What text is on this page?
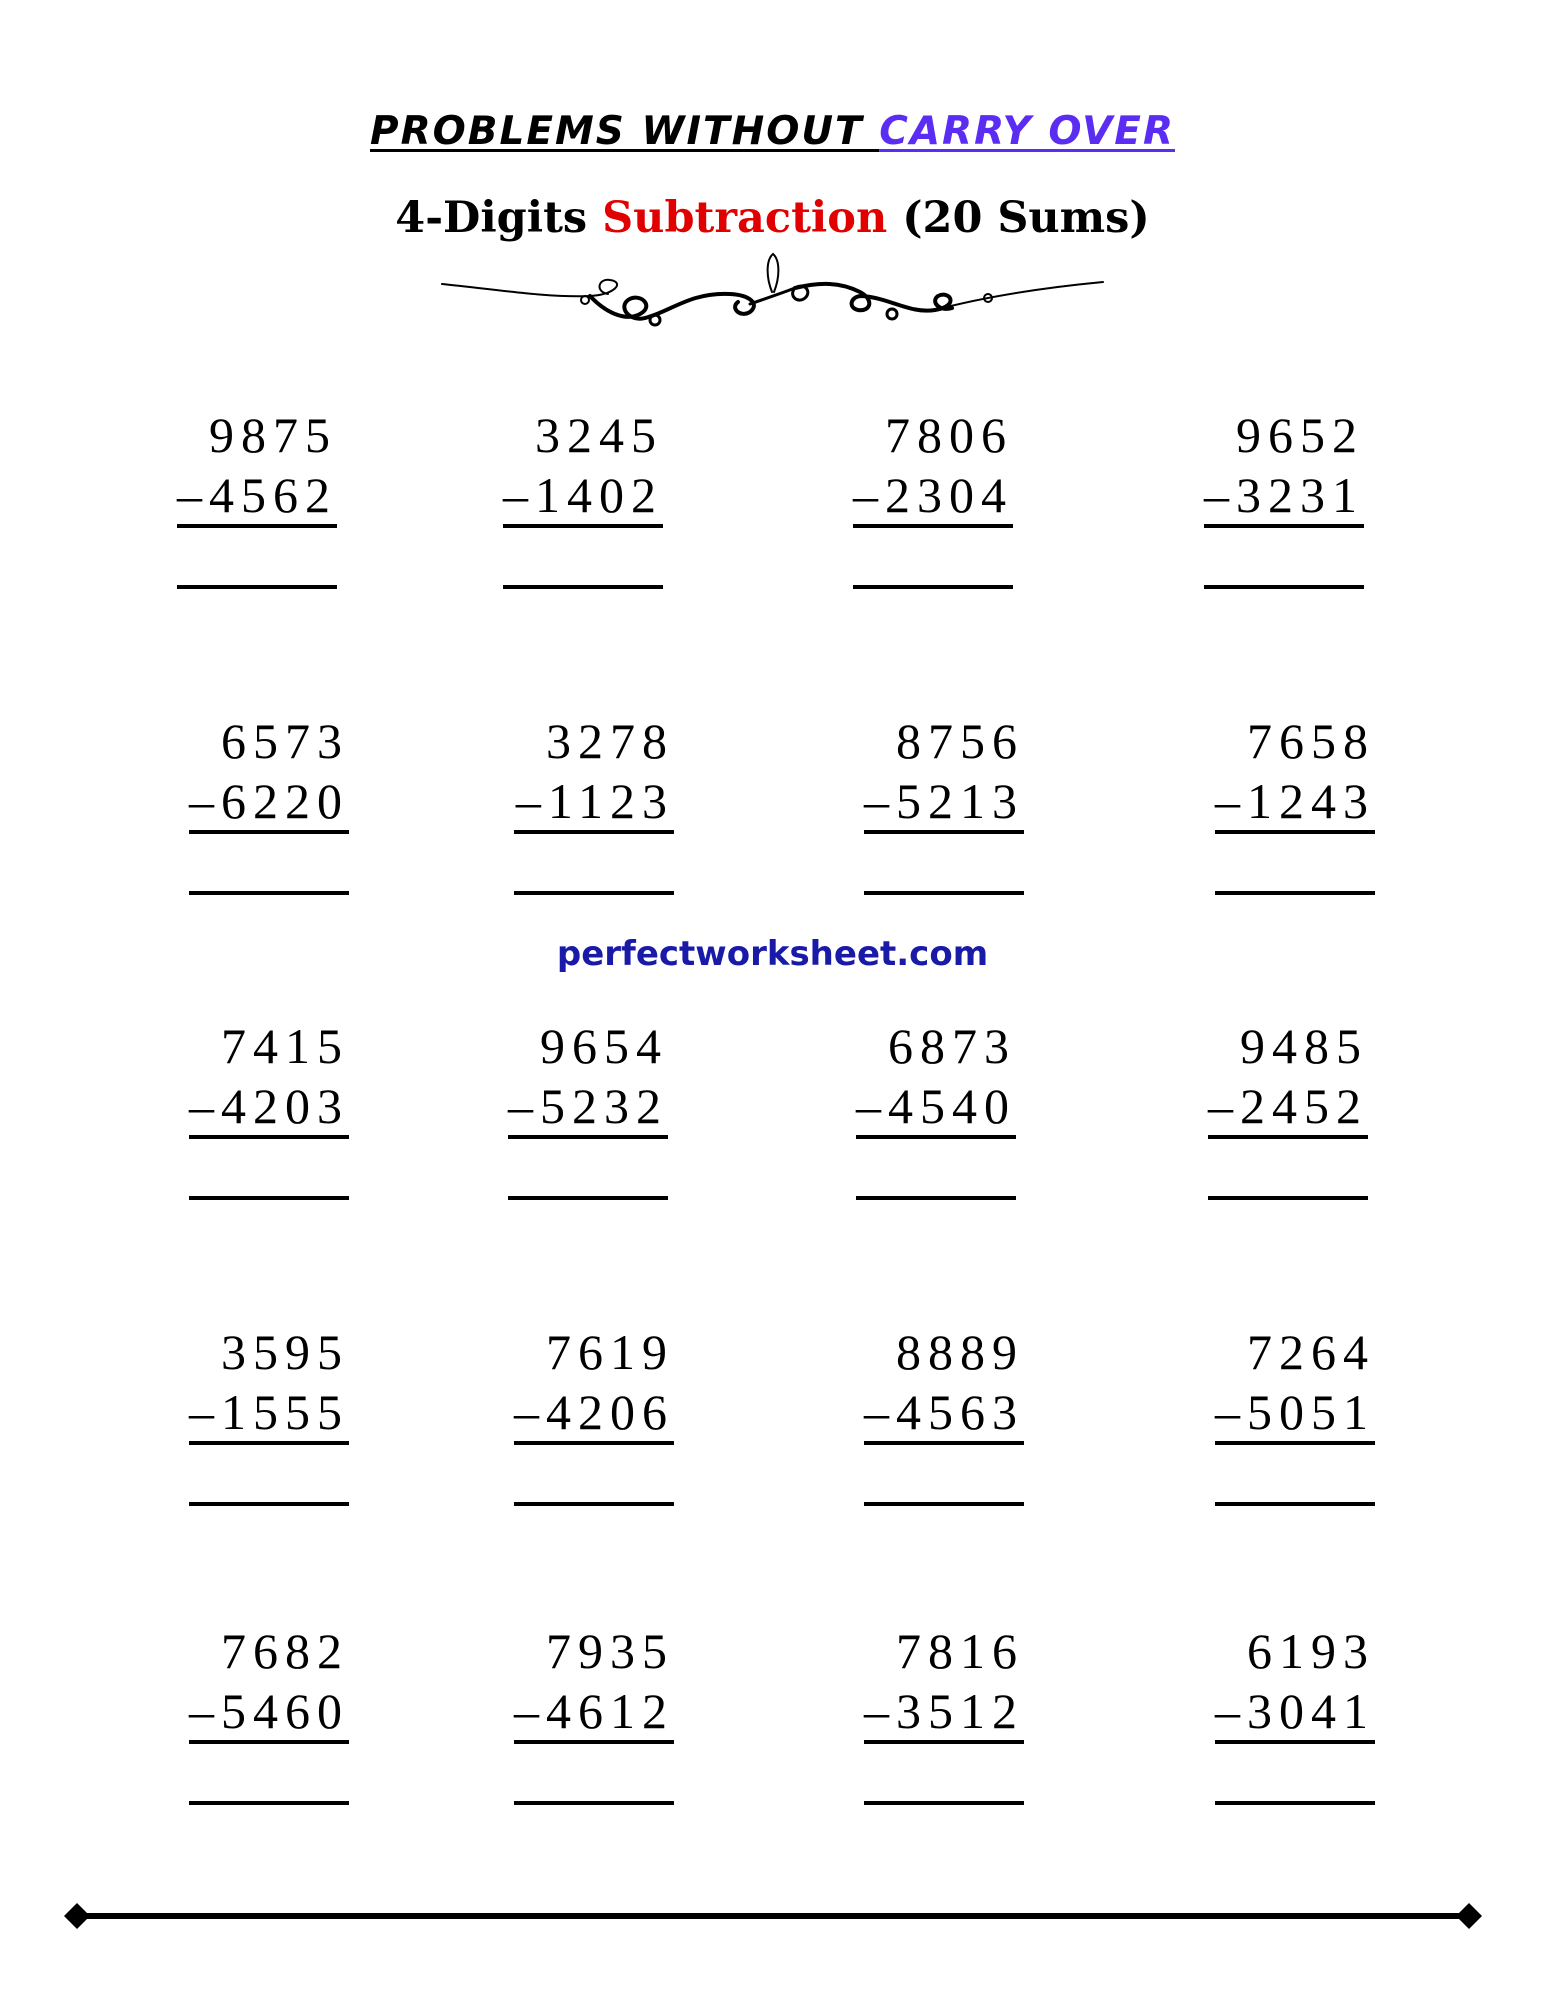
PROBLEMS WITHOUT CARRY OVER
4-Digits Subtraction (20 Sums)
9875
–4562
3245
–1402
7806
–2304
9652
–3231
6573
–6220
3278
–1123
8756
–5213
7658
–1243
7415
–4203
9654
–5232
6873
–4540
9485
–2452
3595
–1555
7619
–4206
8889
–4563
7264
–5051
7682
–5460
7935
–4612
7816
–3512
6193
–3041
perfectworksheet.com
